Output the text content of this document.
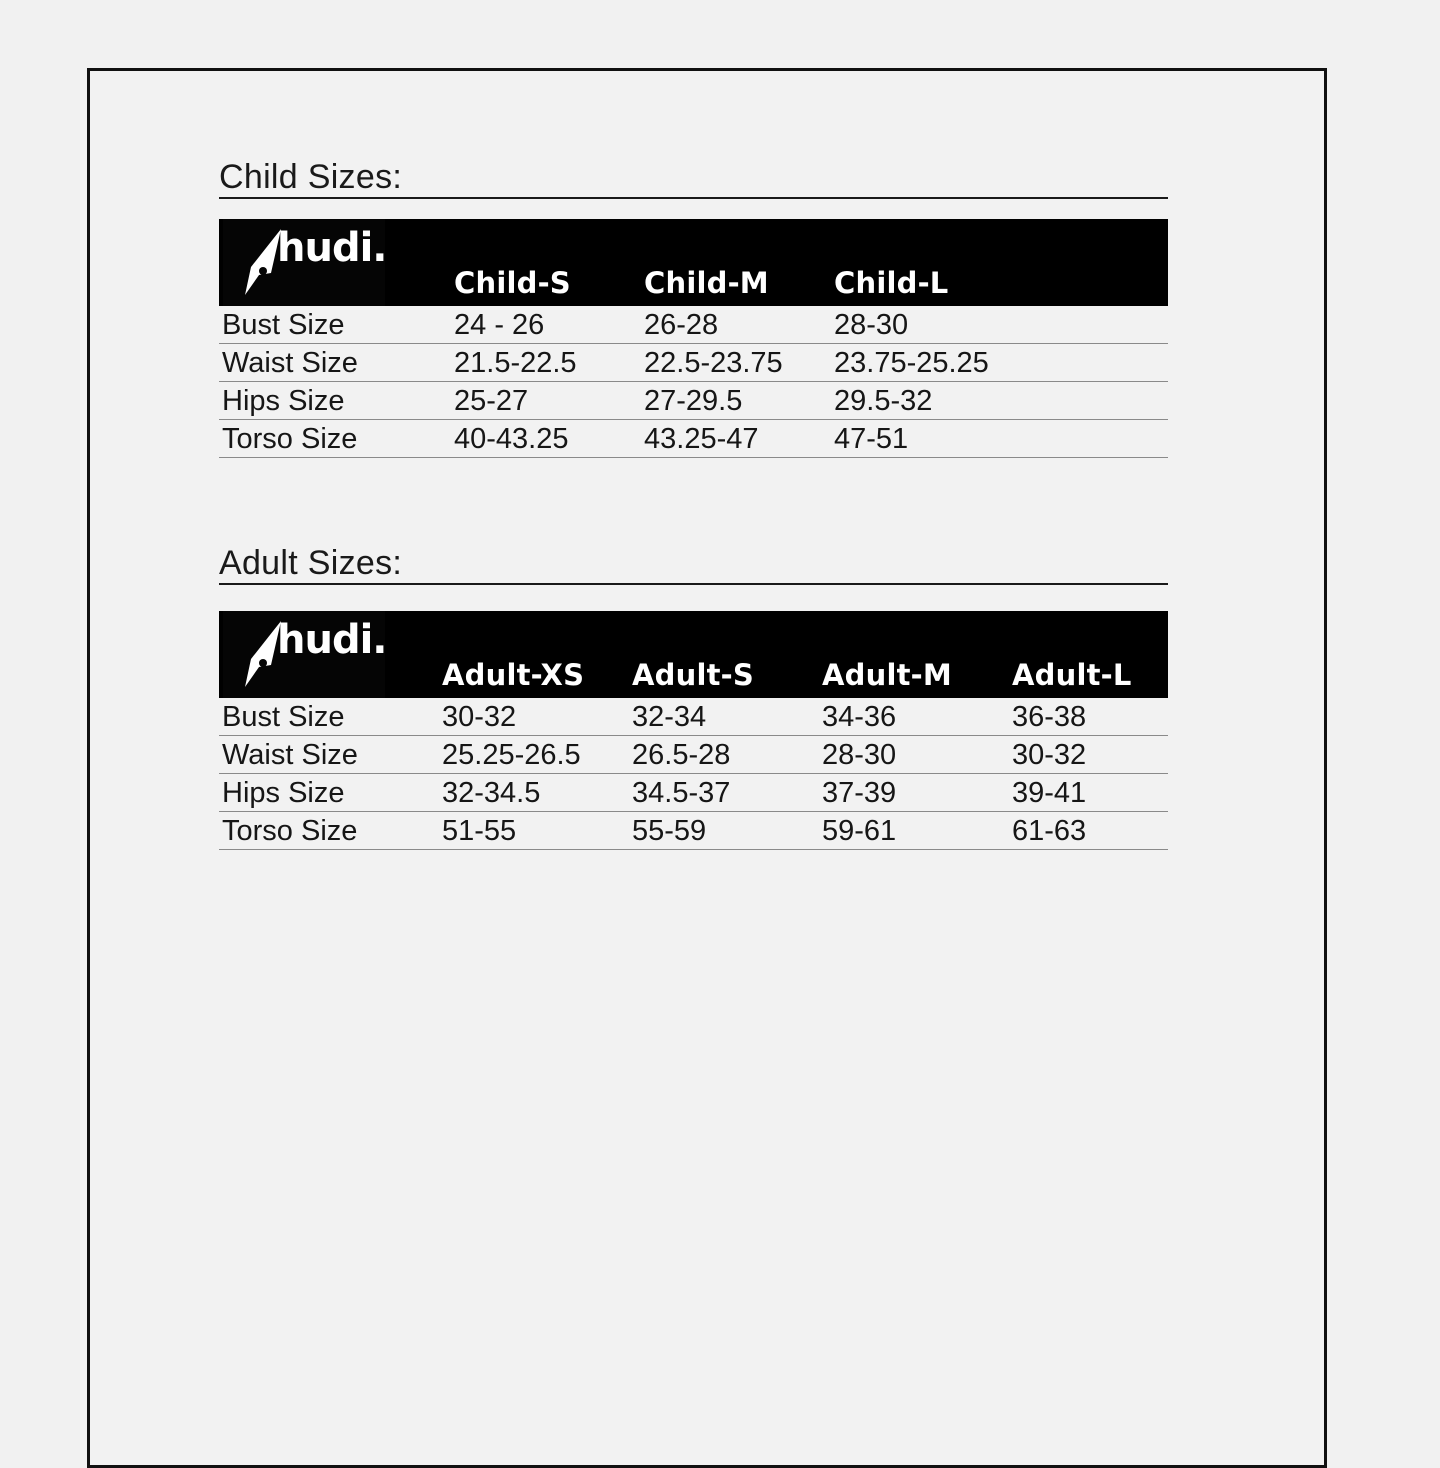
Child Sizes:
hudi.
Child-S	Child-M Child-L
Bust Size	24 - 26	26-28	28-30
Waist Size	21.5-22.5 22.5-23.75 23.75-25.25
Hips Size	25-27	27-29.5	29.5-32
Torso Size	40-43.25	43.25-47	47-51
Adult Sizes:
hudi.
Adult-XS Adult-S Adult-M Adult-L
Bust Size	30-32	32-34	34-36	36-38
Waist Size	25.25-26.5 26.5-28	28-30	30-32
Hips Size	32-34.5	34.5-37	37-39	39-41
Torso Size	51-55	55-59	59-61	61-63
